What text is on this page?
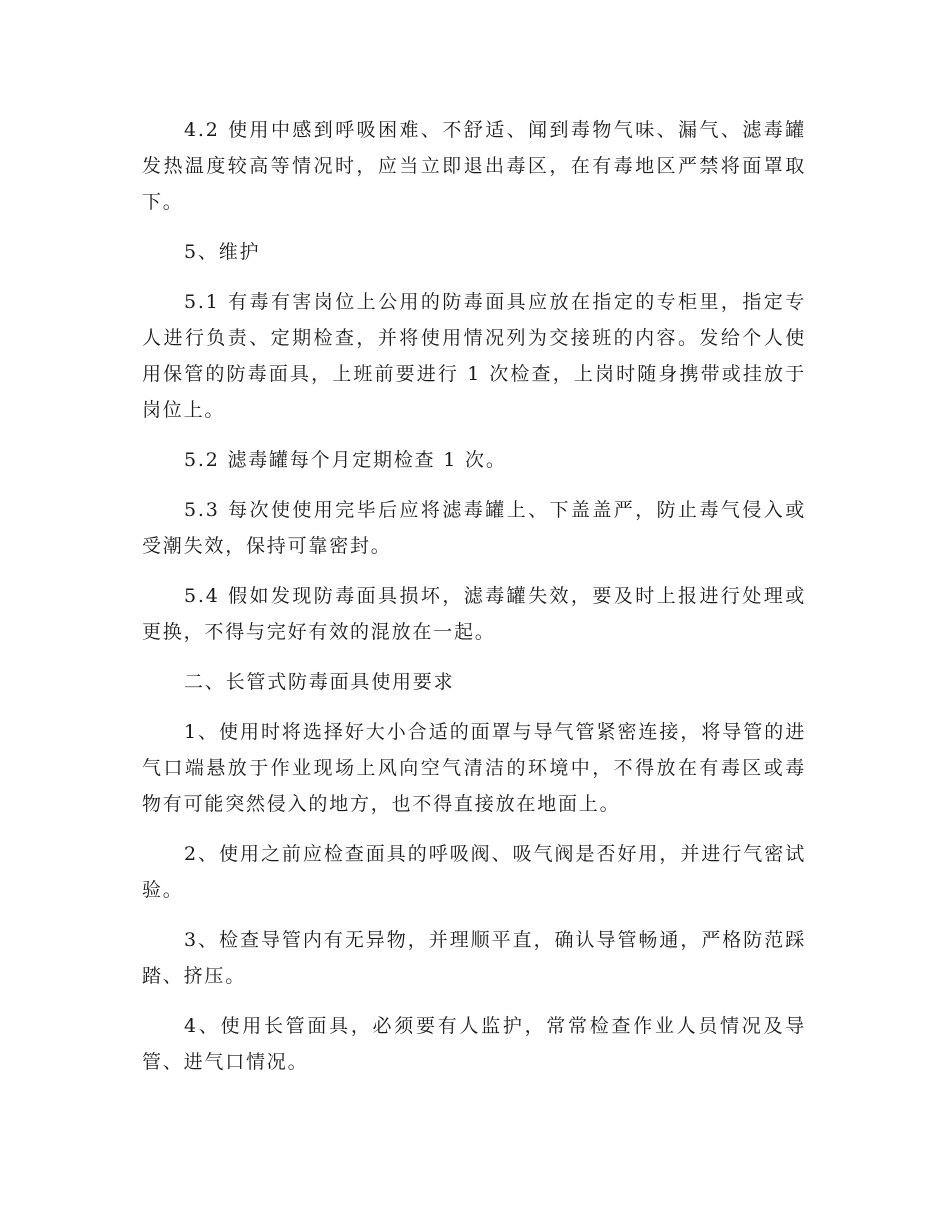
4.2 使用中感到呼吸困难、不舒适、闻到毒物气味、漏气、滤毒罐发热温度较高等情况时，应当立即退出毒区，在有毒地区严禁将面罩取下。

5、维护

5.1 有毒有害岗位上公用的防毒面具应放在指定的专柜里，指定专人进行负责、定期检查，并将使用情况列为交接班的内容。发给个人使用保管的防毒面具，上班前要进行 1 次检查，上岗时随身携带或挂放于岗位上。

5.2 滤毒罐每个月定期检查 1 次。

5.3 每次使使用完毕后应将滤毒罐上、下盖盖严，防止毒气侵入或受潮失效，保持可靠密封。

5.4 假如发现防毒面具损坏，滤毒罐失效，要及时上报进行处理或更换，不得与完好有效的混放在一起。

二、长管式防毒面具使用要求

1、使用时将选择好大小合适的面罩与导气管紧密连接，将导管的进气口端悬放于作业现场上风向空气清洁的环境中，不得放在有毒区或毒物有可能突然侵入的地方，也不得直接放在地面上。

2、使用之前应检查面具的呼吸阀、吸气阀是否好用，并进行气密试验。

3、检查导管内有无异物，并理顺平直，确认导管畅通，严格防范踩踏、挤压。

4、使用长管面具，必须要有人监护，常常检查作业人员情况及导管、进气口情况。
